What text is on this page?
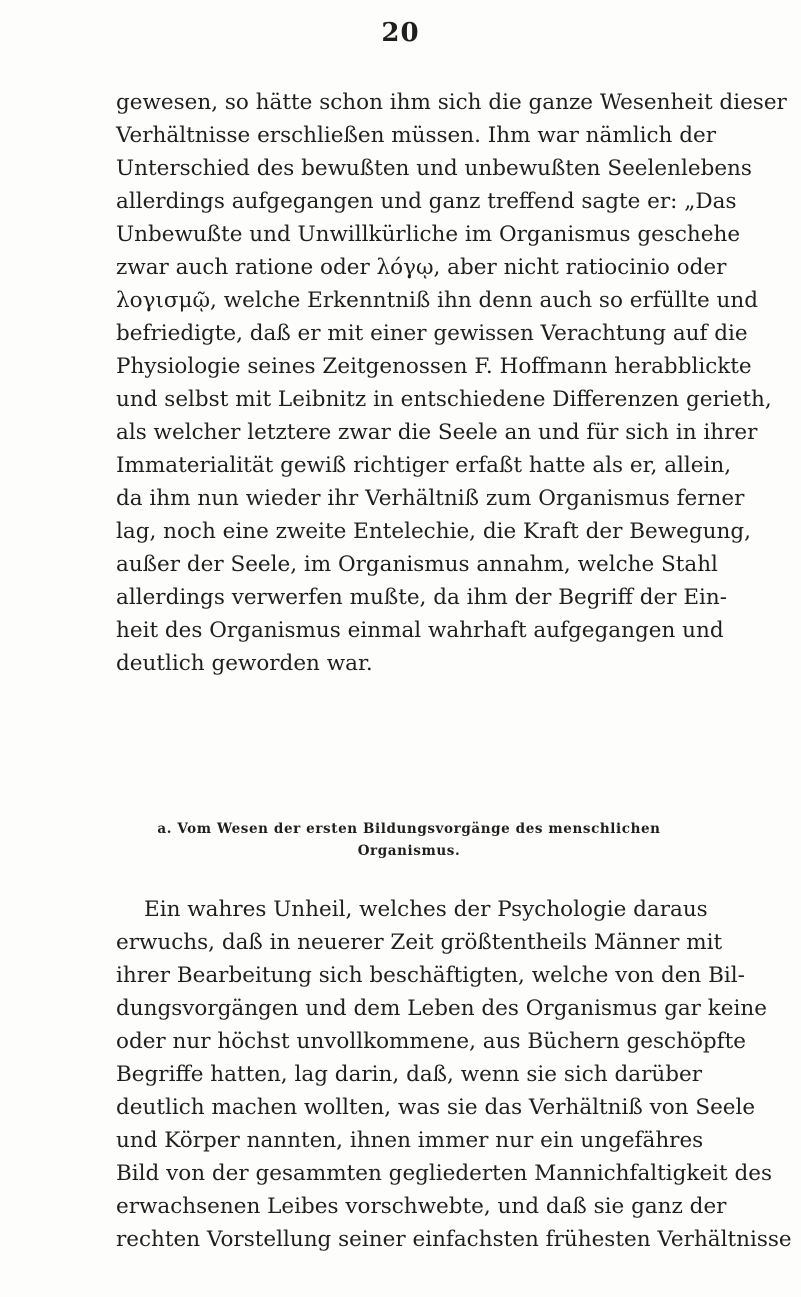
20
gewesen, so hätte schon ihm sich die ganze Wesenheit dieser
Verhältnisse erschließen müssen. Ihm war nämlich der
Unterschied des bewußten und unbewußten Seelenlebens
allerdings aufgegangen und ganz treffend sagte er: „Das
Unbewußte und Unwillkürliche im Organismus geschehe
zwar auch ratione oder λόγῳ, aber nicht ratiocinio oder
λογισμῷ, welche Erkenntniß ihn denn auch so erfüllte und
befriedigte, daß er mit einer gewissen Verachtung auf die
Physiologie seines Zeitgenossen F. Hoffmann herabblickte
und selbst mit Leibnitz in entschiedene Differenzen gerieth,
als welcher letztere zwar die Seele an und für sich in ihrer
Immaterialität gewiß richtiger erfaßt hatte als er, allein,
da ihm nun wieder ihr Verhältniß zum Organismus ferner
lag, noch eine zweite Entelechie, die Kraft der Bewegung,
außer der Seele, im Organismus annahm, welche Stahl
allerdings verwerfen mußte, da ihm der Begriff der Ein-
heit des Organismus einmal wahrhaft aufgegangen und
deutlich geworden war.
a. Vom Wesen der ersten Bildungsvorgänge des menschlichen
Organismus.
Ein wahres Unheil, welches der Psychologie daraus
erwuchs, daß in neuerer Zeit größtentheils Männer mit
ihrer Bearbeitung sich beschäftigten, welche von den Bil-
dungsvorgängen und dem Leben des Organismus gar keine
oder nur höchst unvollkommene, aus Büchern geschöpfte
Begriffe hatten, lag darin, daß, wenn sie sich darüber
deutlich machen wollten, was sie das Verhältniß von Seele
und Körper nannten, ihnen immer nur ein ungefähres
Bild von der gesammten gegliederten Mannichfaltigkeit des
erwachsenen Leibes vorschwebte, und daß sie ganz der
rechten Vorstellung seiner einfachsten frühesten Verhältnisse
